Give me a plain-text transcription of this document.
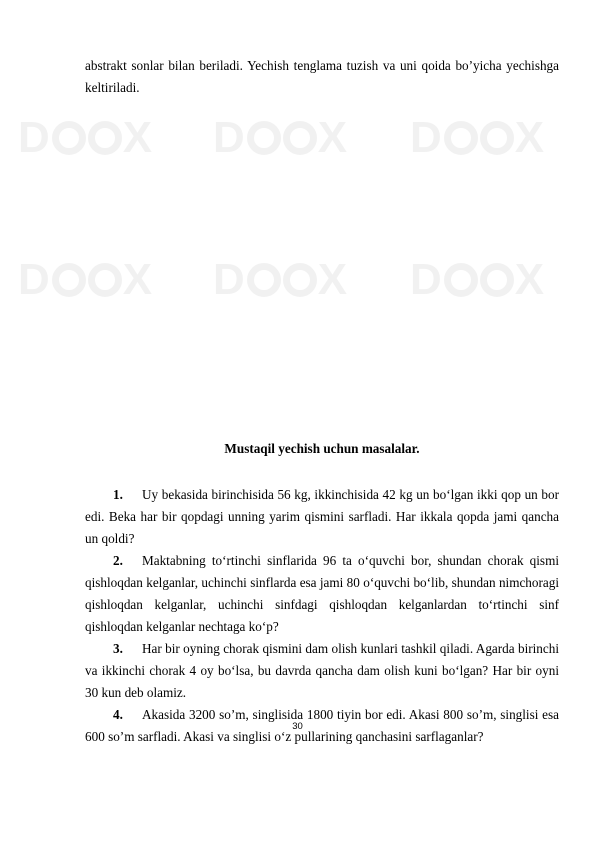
D X D X D X
D X D X D X
abstrakt sonlar bilan beriladi. Yechish tenglama tuzish va uni qoida bo’yicha yechishga keltiriladi.
Mustaqil yechish uchun masalalar.

1. Uy bekasida birinchisida 56 kg, ikkinchisida 42 kg un bo‘lgan ikki qop un bor edi. Beka har bir qopdagi unning yarim qismini sarfladi. Har ikkala qopda jami qancha un qoldi?

2. Maktabning to‘rtinchi sinflarida 96 ta o‘quvchi bor, shundan chorak qismi qishloqdan kelganlar, uchinchi sinflarda esa jami 80 o‘quvchi bo‘lib, shundan nimchoragi qishloqdan kelganlar, uchinchi sinfdagi qishloqdan kelganlardan to‘rtinchi sinf qishloqdan kelganlar nechtaga ko‘p?

3. Har bir oyning chorak qismini dam olish kunlari tashkil qiladi. Agarda birinchi va ikkinchi chorak 4 oy bo‘lsa, bu davrda qancha dam olish kuni bo‘lgan? Har bir oyni 30 kun deb olamiz.

4. Akasida 3200 so’m, singlisida 1800 tiyin bor edi. Akasi 800 so’m, singlisi esa 600 so’m sarfladi. Akasi va singlisi o‘z pullarining qanchasini sarflaganlar?

30
